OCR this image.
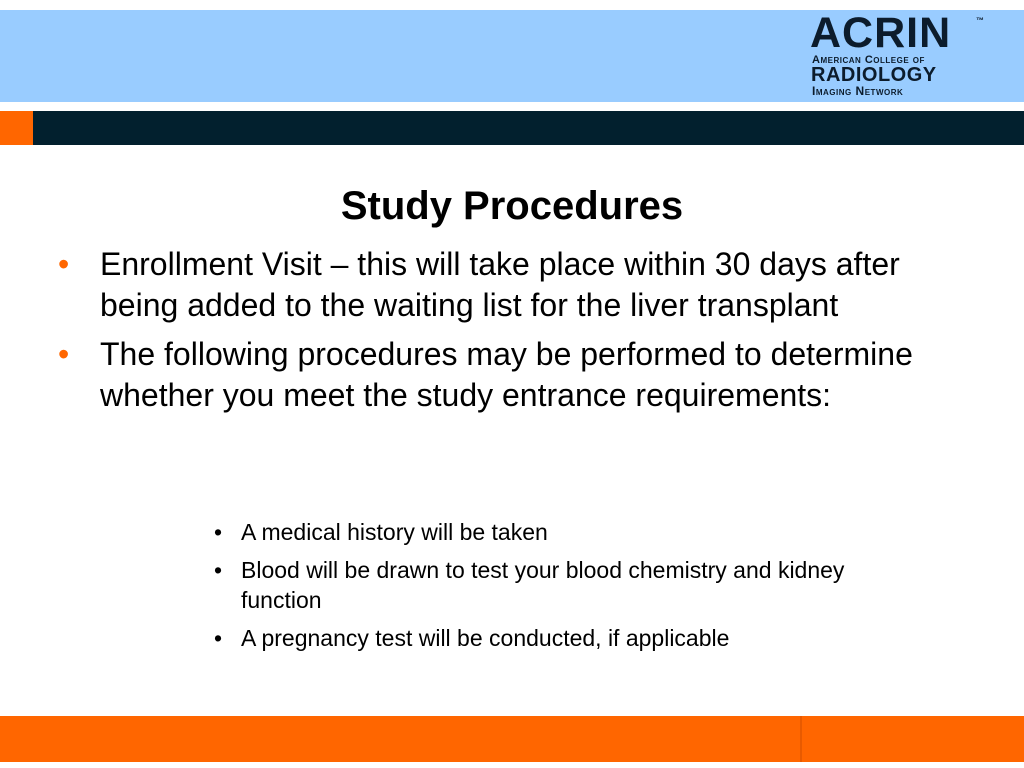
ACRIN	™
American College of
RADIOLOGY
Imaging Network
Study Procedures
• Enrollment Visit – this will take place within 30 days after being added to the waiting list for the liver transplant
• The following procedures may be performed to determine whether you meet the study entrance requirements:
• A medical history will be taken
• Blood will be drawn to test your blood chemistry and kidney function
• A pregnancy test will be conducted, if applicable
